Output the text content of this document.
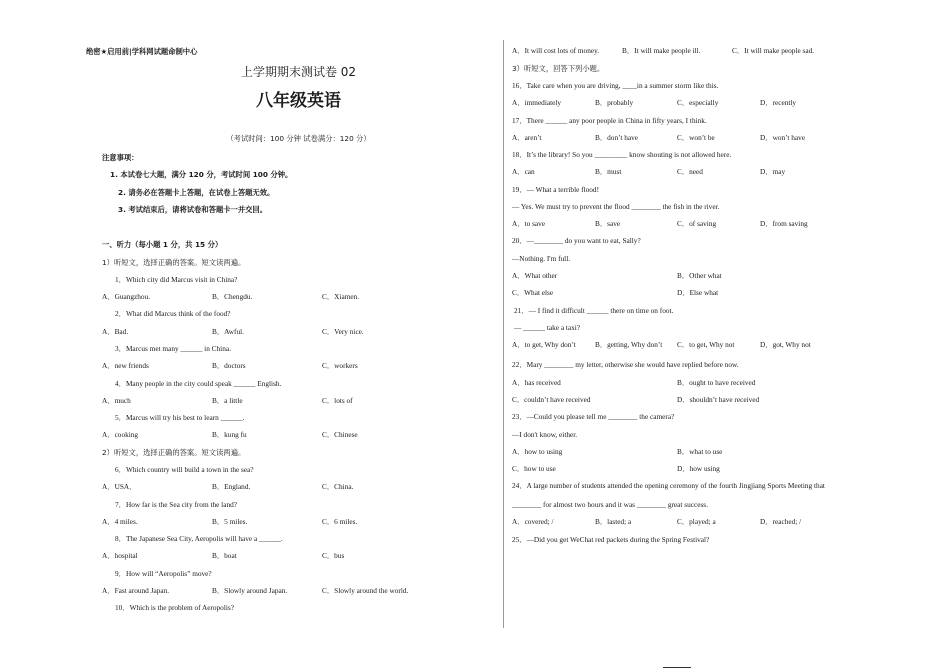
绝密★启用前|学科网试题命制中心
上学期期末测试卷 02
八年级英语
（考试时间：100 分钟 试卷满分：120 分）
注意事项：
1. 本试卷七大题，满分 120 分，考试时间 100 分钟。
2. 请务必在答题卡上答题，在试卷上答题无效。
3. 考试结束后，请将试卷和答题卡一并交回。
一、听力（每小题 1 分，共 15 分）
1）听短文，选择正确的答案。短文读两遍。
1．Which city did Marcus visit in China?
A．Guangzhou.	B．Chengdu.	C．Xiamen.
2．What did Marcus think of the food?
A．Bad.	B．Awful.	C．Very nice.
3．Marcus met many ______ in China.
A．new friends	B．doctors	C．workers
4．Many people in the city could speak ______ English.
A．much	B．a little	C．lots of
5．Marcus will try his best to learn ______.
A．cooking	B．kung fu	C．Chinese
2）听短文，选择正确的答案。短文读两遍。
6．Which country will build a town in the sea?
A．USA．	B．England.	C．China.
7．How far is the Sea city from the land?
A．4 miles.	B．5 miles.	C．6 miles.
8．The Japanese Sea City, Aeropolis will have a ______.
A．hospital	B．boat	C．bus
9．How will “Aeropolis” move?
A．Fast around Japan.	B．Slowly around Japan.	C．Slowly around the world.
10．Which is the problem of Aeropolis?
A．It will cost lots of money.	B．It will make people ill.	C．It will make people sad.
3）听短文，回答下列小题。
16．Take care when you are driving, ____in a summer storm like this.
A．immediately	B．probably	C．especially	D．recently
17．There ______ any poor people in China in fifty years, I think.
A．aren’t	B．don’t have	C．won’t be	D．won’t have
18．It’s the library! So you _________ know shouting is not allowed here.
A．can	B．must	C．need	D．may
19．— What a terrible flood!
— Yes. We must try to prevent the flood ________ the fish in the river.
A．to save	B．save	C．of saving	D．from saving
20．—________ do you want to eat, Sally?
—Nothing. I'm full.
A．What other	B．Other what
C．What else	D．Else what
21．— I find it difficult ______ there on time on foot.
— ______ take a taxi?
A．to get, Why don’t	B．getting, Why don’t C．to get, Why not	D．got, Why not
22．Mary ________ my letter, otherwise she would have replied before now.
A．has received	B．ought to have received
C．couldn’t have received	D．shouldn’t have received
23．—Could you please tell me ________ the camera?
—I don't know, either.
A．how to using	B．what to use
C．how to use	D．how using
24．A large number of students attended the opening ceremony of the fourth Jingjiang Sports Meeting that
________ for almost two hours and it was ________ great success.
A．covered; /	B．lasted; a	C．played; a	D．reached; /
25．—Did you get WeChat red packets during the Spring Festival?
